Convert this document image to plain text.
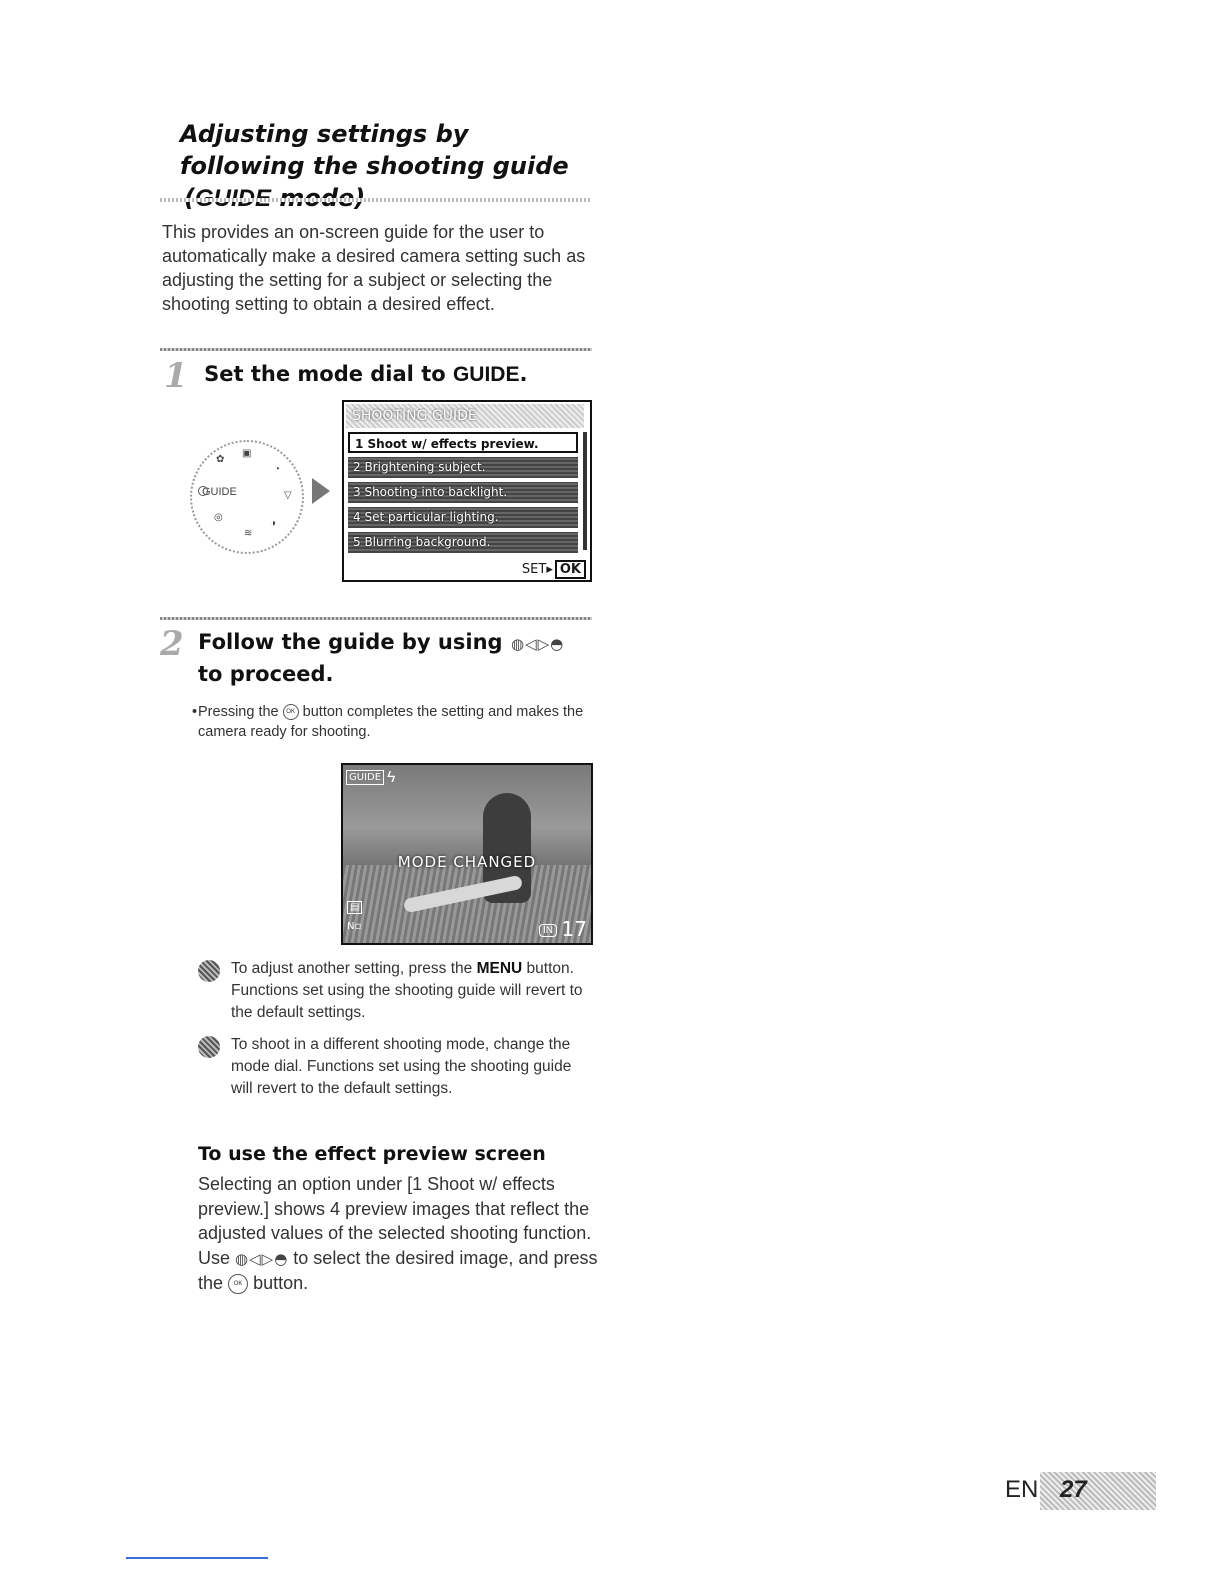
Adjusting settings by
following the shooting guide
This provides an on-screen guide for the user to automatically make a desired camera setting such as adjusting the setting for a subject or selecting the shooting setting to obtain a desired effect.
1 Set the mode dial to GUIDE.
GUIDE
✿
▣
◔
▽
◑
≋
◎
SHOOTING GUIDE
1 Shoot w/ effects preview.
2 Brightening subject.
3 Shooting into backlight.
4 Set particular lighting.
5 Blurring background.
SET▸ OK
2 Follow the guide by using ◍◁▷◓
to proceed.
• Pressing the OK button completes the setting and makes the camera ready for shooting.
GUIDE ϟ
MODE CHANGED
▤
N▫	IN 17
To adjust another setting, press the MENU button. Functions set using the shooting guide will revert to the default settings.
To shoot in a different shooting mode, change the mode dial. Functions set using the shooting guide will revert to the default settings.
To use the effect preview screen
Selecting an option under [1 Shoot w/ effects preview.] shows 4 preview images that reflect the adjusted values of the selected shooting function. Use ◍◁▷◓ to select the desired image, and press the OK button.
EN 27
